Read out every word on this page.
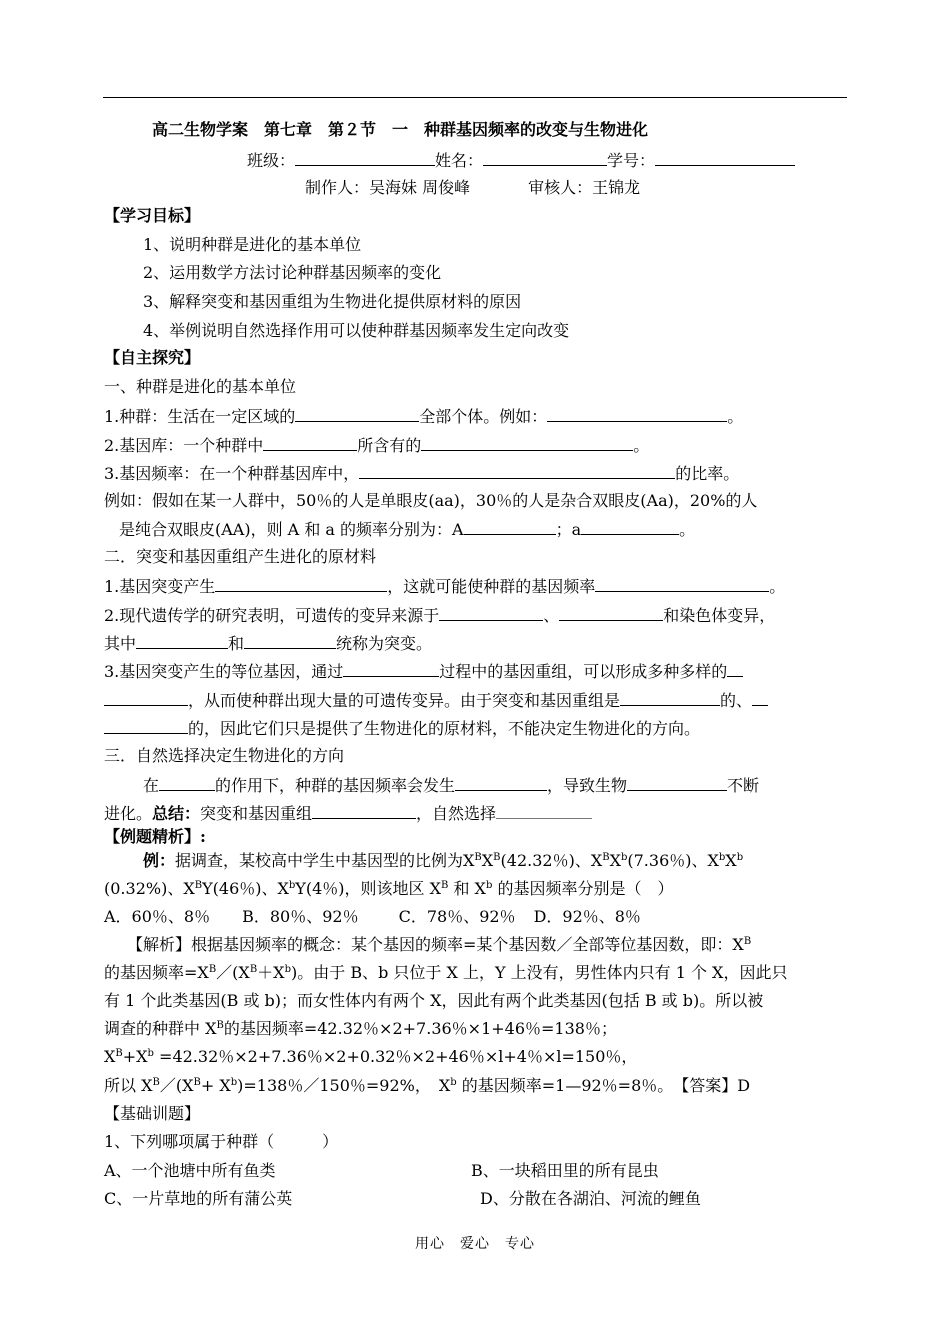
高二生物学案　第七章　第２节　一　种群基因频率的改变与生物进化
班级：	姓名：	学号：
制作人：吴海妹 周俊峰	审核人：王锦龙
【学习目标】
1、说明种群是进化的基本单位
2、运用数学方法讨论种群基因频率的变化
3、解释突变和基因重组为生物进化提供原材料的原因
4、举例说明自然选择作用可以使种群基因频率发生定向改变
【自主探究】
一、种群是进化的基本单位
1.种群：生活在一定区域的	全部个体。例如：	。
2.基因库：一个种群中	所含有的	。
3.基因频率：在一个种群基因库中，	的比率。
例如：假如在某一人群中，50％的人是单眼皮(aa)，30％的人是杂合双眼皮(Aa)，20%的人
是纯合双眼皮(AA)，则 A 和 a 的频率分别为：A	；a	。
二．突变和基因重组产生进化的原材料
1.基因突变产生	，这就可能使种群的基因频率	。
2.现代遗传学的研究表明，可遗传的变异来源于	、	和染色体变异，
其中	和	统称为突变。
3.基因突变产生的等位基因，通过	过程中的基因重组，可以形成多种多样的
，从而使种群出现大量的可遗传变异。由于突变和基因重组是	的、
的，因此它们只是提供了生物进化的原材料，不能决定生物进化的方向。
三．自然选择决定生物进化的方向
在	的作用下，种群的基因频率会发生	，导致生物	不断
进化。总结：突变和基因重组	，自然选择
【例题精析】:
例：据调查，某校高中学生中基因型的比例为$X^BX^B(42.32$％)、$X^BX^b(7.36$％)、$X^bX^b$
(0.32%)、$X^BY(46$％)、$X^bY(4$％)，则该地区 $X^B$ 和 $X^b$ 的基因频率分别是（　）
A．60％、8％ B．80％、92％	C．78％、92％ D．92％、8％
【解析】根据基因频率的概念：某个基因的频率=某个基因数／全部等位基因数，即：$X^B$
的基因频率$=X^B/(X^B+X^b)$。由于 B、b 只位于 X 上，Y 上没有，男性体内只有 1 个 X，因此只
有 1 个此类基因(B 或 b)；而女性体内有两个 X，因此有两个此类基因(包括 B 或 b)。所以被
调查的种群中 $X^B$的基因频率=42.32％×2+7.36％×1+46％=138％；
$X^B+X^b =42.32$％×2+7.36％×2+0.32％×2+46％×l+4％×l=150％，
所以 $X^B/(X^B+ X^b)=138$％／150％=92%，　$X^b$ 的基因频率=1—92％=8％。　【答案】D
【基础训题】
1、下列哪项属于种群（　　　）
A、一个池塘中所有鱼类	B、一块稻田里的所有昆虫
C、一片草地的所有蒲公英	D、分散在各湖泊、河流的鲤鱼
用心　爱心　专心
